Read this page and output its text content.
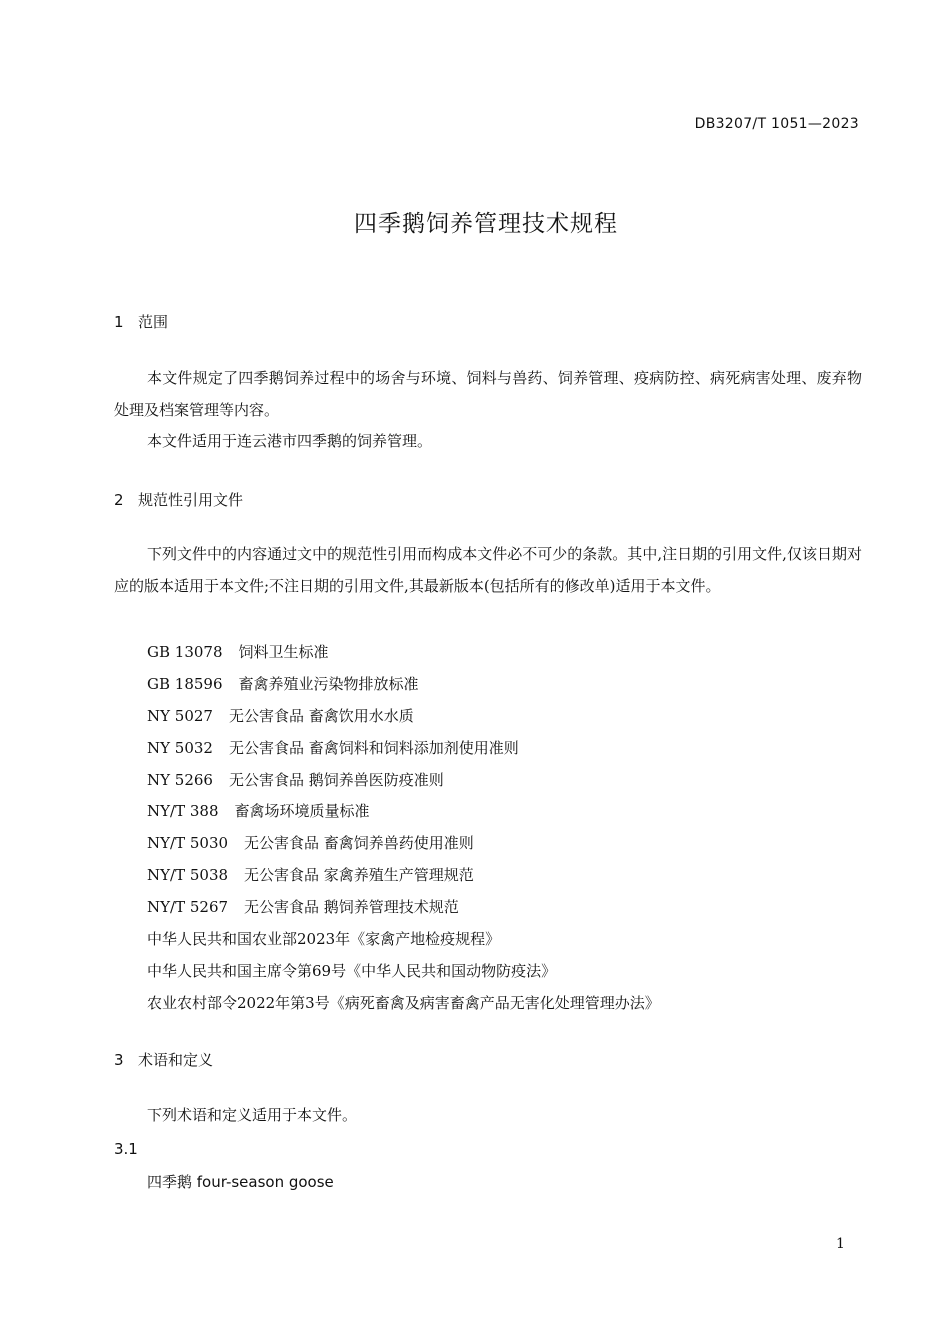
DB3207/T 1051—2023
四季鹅饲养管理技术规程
1 范围
本文件规定了四季鹅饲养过程中的场舍与环境、饲料与兽药、饲养管理、疫病防控、病死病害处理、废弃物处理及档案管理等内容。
本文件适用于连云港市四季鹅的饲养管理。
2 规范性引用文件
下列文件中的内容通过文中的规范性引用而构成本文件必不可少的条款。其中,注日期的引用文件,仅该日期对应的版本适用于本文件;不注日期的引用文件,其最新版本(包括所有的修改单)适用于本文件。
GB 13078 饲料卫生标准
GB 18596 畜禽养殖业污染物排放标准
NY 5027 无公害食品 畜禽饮用水水质
NY 5032 无公害食品 畜禽饲料和饲料添加剂使用准则
NY 5266 无公害食品 鹅饲养兽医防疫准则
NY/T 388 畜禽场环境质量标准
NY/T 5030 无公害食品 畜禽饲养兽药使用准则
NY/T 5038 无公害食品 家禽养殖生产管理规范
NY/T 5267 无公害食品 鹅饲养管理技术规范
中华人民共和国农业部2023年《家禽产地检疫规程》
中华人民共和国主席令第69号《中华人民共和国动物防疫法》
农业农村部令2022年第3号《病死畜禽及病害畜禽产品无害化处理管理办法》
3 术语和定义
下列术语和定义适用于本文件。
3.1
四季鹅 four-season goose
1
